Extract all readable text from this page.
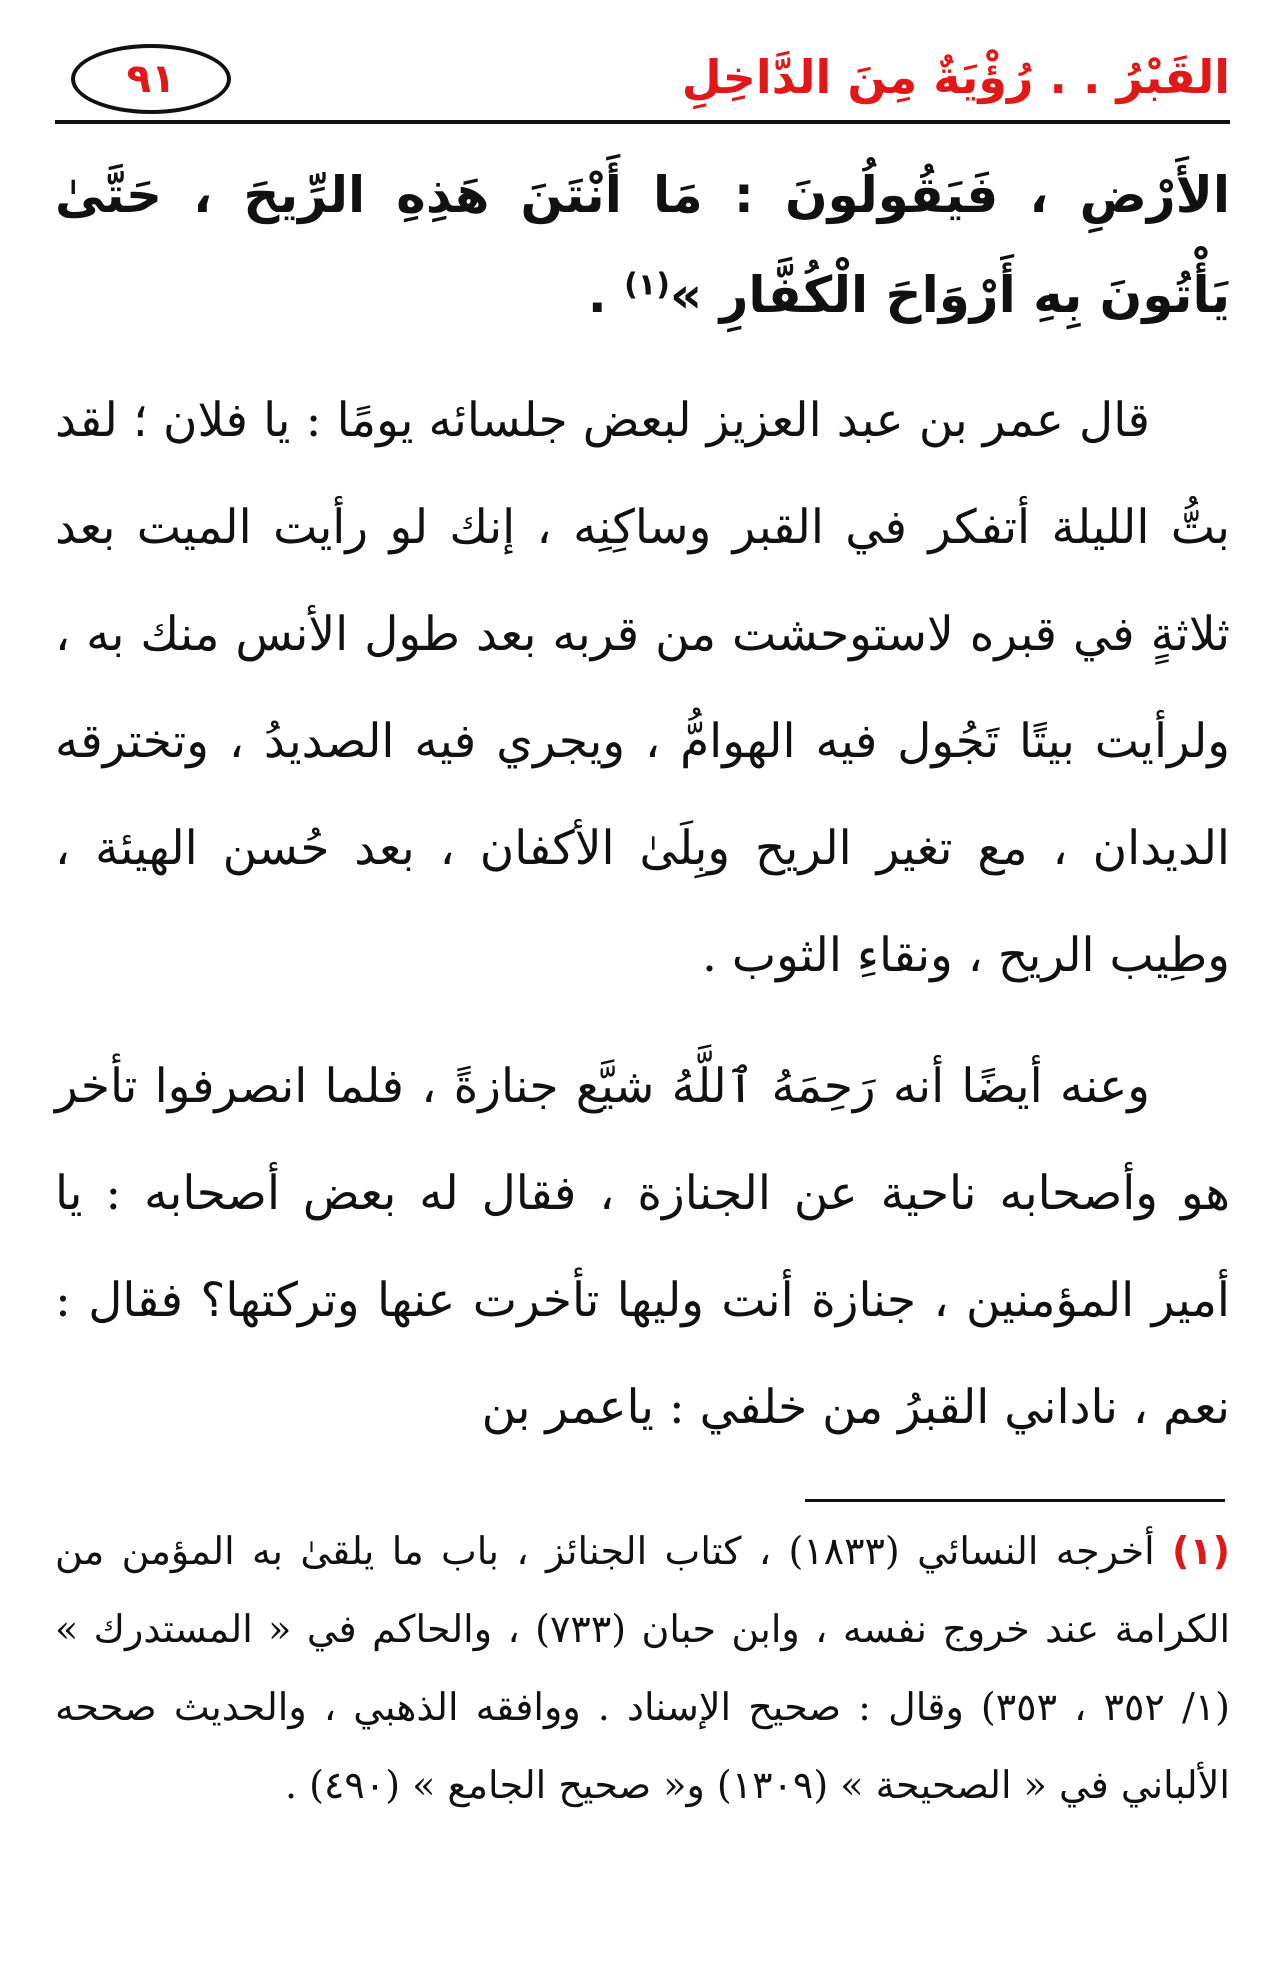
٩١	القَبْرُ . . رُؤْيَةٌ مِنَ الدَّاخِلِ

الأَرْضِ ، فَيَقُولُونَ : مَا أَنْتَنَ هَذِهِ الرِّيحَ ، حَتَّىٰ يَأْتُونَ بِهِ أَرْوَاحَ الْكُفَّارِ »$^{(١)}$ .

قال عمر بن عبد العزيز لبعض جلسائه يومًا : يا فلان ؛ لقد بتُّ الليلة أتفكر في القبر وساكِنِه ، إنك لو رأيت الميت بعد ثلاثةٍ في قبره لاستوحشت من قربه بعد طول الأنس منك به ، ولرأيت بيتًا تَجُول فيه الهوامُّ ، ويجري فيه الصديدُ ، وتخترقه الديدان ، مع تغير الريح وبِلَىٰ الأكفان ، بعد حُسن الهيئة ، وطِيب الريح ، ونقاءِ الثوب .

وعنه أيضًا أنه رَحِمَهُ ٱللَّهُ شيَّع جنازةً ، فلما انصرفوا تأخر هو وأصحابه ناحية عن الجنازة ، فقال له بعض أصحابه : يا أمير المؤمنين ، جنازة أنت وليها تأخرت عنها وتركتها؟ فقال : نعم ، ناداني القبرُ من خلفي : ياعمر بن

(١) أخرجه النسائي (١٨٣٣) ، كتاب الجنائز ، باب ما يلقىٰ به المؤمن من الكرامة عند خروج نفسه ، وابن حبان (٧٣٣) ، والحاكم في « المستدرك » (١/ ٣٥٢ ، ٣٥٣) وقال : صحيح الإسناد . ووافقه الذهبي ، والحديث صححه الألباني في « الصحيحة » (١٣٠٩) و« صحيح الجامع » (٤٩٠) .
